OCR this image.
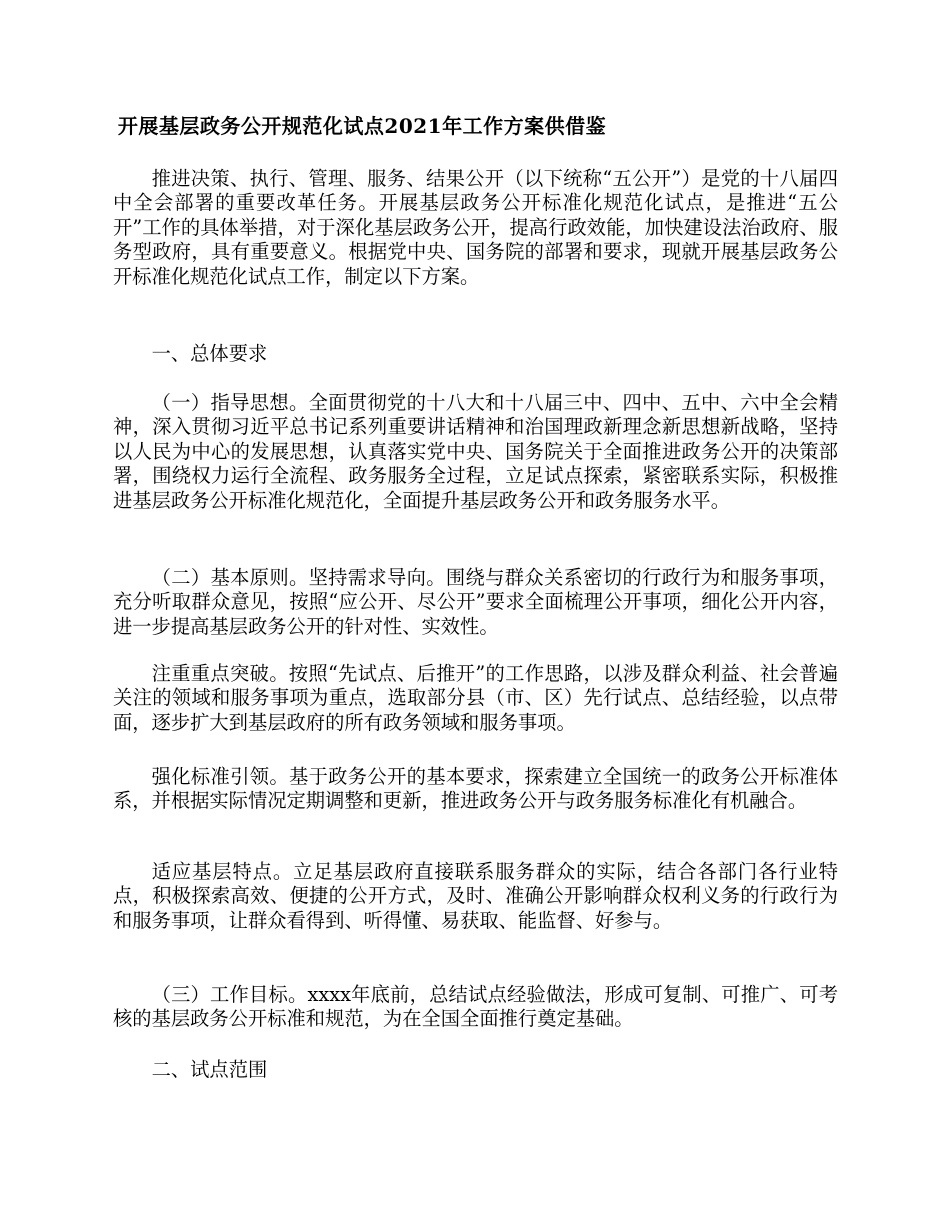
开展基层政务公开规范化试点2021年工作方案供借鉴

推进决策、执行、管理、服务、结果公开（以下统称“五公开”）是党的十八届四中全会部署的重要改革任务。开展基层政务公开标准化规范化试点，是推进“五公开”工作的具体举措，对于深化基层政务公开，提高行政效能，加快建设法治政府、服务型政府，具有重要意义。根据党中央、国务院的部署和要求，现就开展基层政务公开标准化规范化试点工作，制定以下方案。

一、总体要求

（一）指导思想。全面贯彻党的十八大和十八届三中、四中、五中、六中全会精神，深入贯彻习近平总书记系列重要讲话精神和治国理政新理念新思想新战略，坚持以人民为中心的发展思想，认真落实党中央、国务院关于全面推进政务公开的决策部署，围绕权力运行全流程、政务服务全过程，立足试点探索，紧密联系实际，积极推进基层政务公开标准化规范化，全面提升基层政务公开和政务服务水平。

（二）基本原则。坚持需求导向。围绕与群众关系密切的行政行为和服务事项，充分听取群众意见，按照“应公开、尽公开”要求全面梳理公开事项，细化公开内容，进一步提高基层政务公开的针对性、实效性。

注重重点突破。按照“先试点、后推开”的工作思路，以涉及群众利益、社会普遍关注的领域和服务事项为重点，选取部分县（市、区）先行试点、总结经验，以点带面，逐步扩大到基层政府的所有政务领域和服务事项。

强化标准引领。基于政务公开的基本要求，探索建立全国统一的政务公开标准体系，并根据实际情况定期调整和更新，推进政务公开与政务服务标准化有机融合。

适应基层特点。立足基层政府直接联系服务群众的实际，结合各部门各行业特点，积极探索高效、便捷的公开方式，及时、准确公开影响群众权利义务的行政行为和服务事项，让群众看得到、听得懂、易获取、能监督、好参与。

（三）工作目标。xxxx年底前，总结试点经验做法，形成可复制、可推广、可考核的基层政务公开标准和规范，为在全国全面推行奠定基础。

二、试点范围
